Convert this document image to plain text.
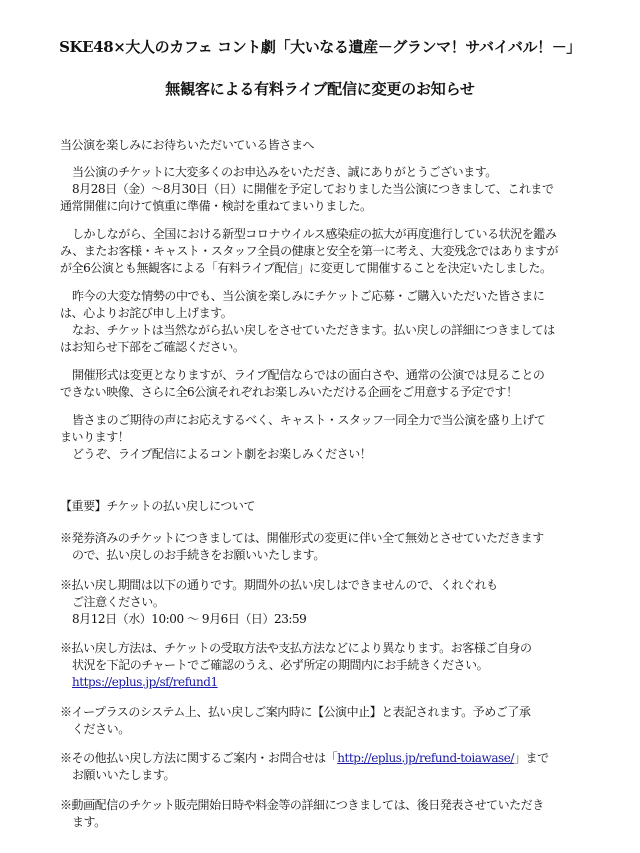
SKE48×大人のカフェ コント劇「大いなる遺産－グランマ！サバイバル！－」
無観客による有料ライブ配信に変更のお知らせ
当公演を楽しみにお待ちいただいている皆さまへ
当公演のチケットに大変多くのお申込みをいただき、誠にありがとうございます。
8月28日（金）～8月30日（日）に開催を予定しておりました当公演につきまして、これまで
通常開催に向けて慎重に準備・検討を重ねてまいりました。
しかしながら、全国における新型コロナウイルス感染症の拡大が再度進行している状況を鑑み
み、またお客様・キャスト・スタッフ全員の健康と安全を第一に考え、大変残念ではありますが
が全6公演とも無観客による「有料ライブ配信」に変更して開催することを決定いたしました。
昨今の大変な情勢の中でも、当公演を楽しみにチケットご応募・ご購入いただいた皆さまに
は、心よりお詫び申し上げます。
なお、チケットは当然ながら払い戻しをさせていただきます。払い戻しの詳細につきましては
はお知らせ下部をご確認ください。
開催形式は変更となりますが、ライブ配信ならではの面白さや、通常の公演では見ることの
できない映像、さらに全6公演それぞれお楽しみいただける企画をご用意する予定です！
皆さまのご期待の声にお応えするべく、キャスト・スタッフ一同全力で当公演を盛り上げて
まいります！
どうぞ、ライブ配信によるコント劇をお楽しみください！
【重要】チケットの払い戻しについて
※発券済みのチケットにつきましては、開催形式の変更に伴い全て無効とさせていただきます
ので、払い戻しのお手続きをお願いいたします。
※払い戻し期間は以下の通りです。期間外の払い戻しはできませんので、くれぐれも
ご注意ください。
8月12日（水）10:00 ～ 9月6日（日）23:59
※払い戻し方法は、チケットの受取方法や支払方法などにより異なります。お客様ご自身の
状況を下記のチャートでご確認のうえ、必ず所定の期間内にお手続きください。
https://eplus.jp/sf/refund1
※イープラスのシステム上、払い戻しご案内時に【公演中止】と表記されます。予めご了承
ください。
※その他払い戻し方法に関するご案内・お問合せは「http://eplus.jp/refund-toiawase/」まで
お願いいたします。
※動画配信のチケット販売開始日時や料金等の詳細につきましては、後日発表させていただき
ます。
